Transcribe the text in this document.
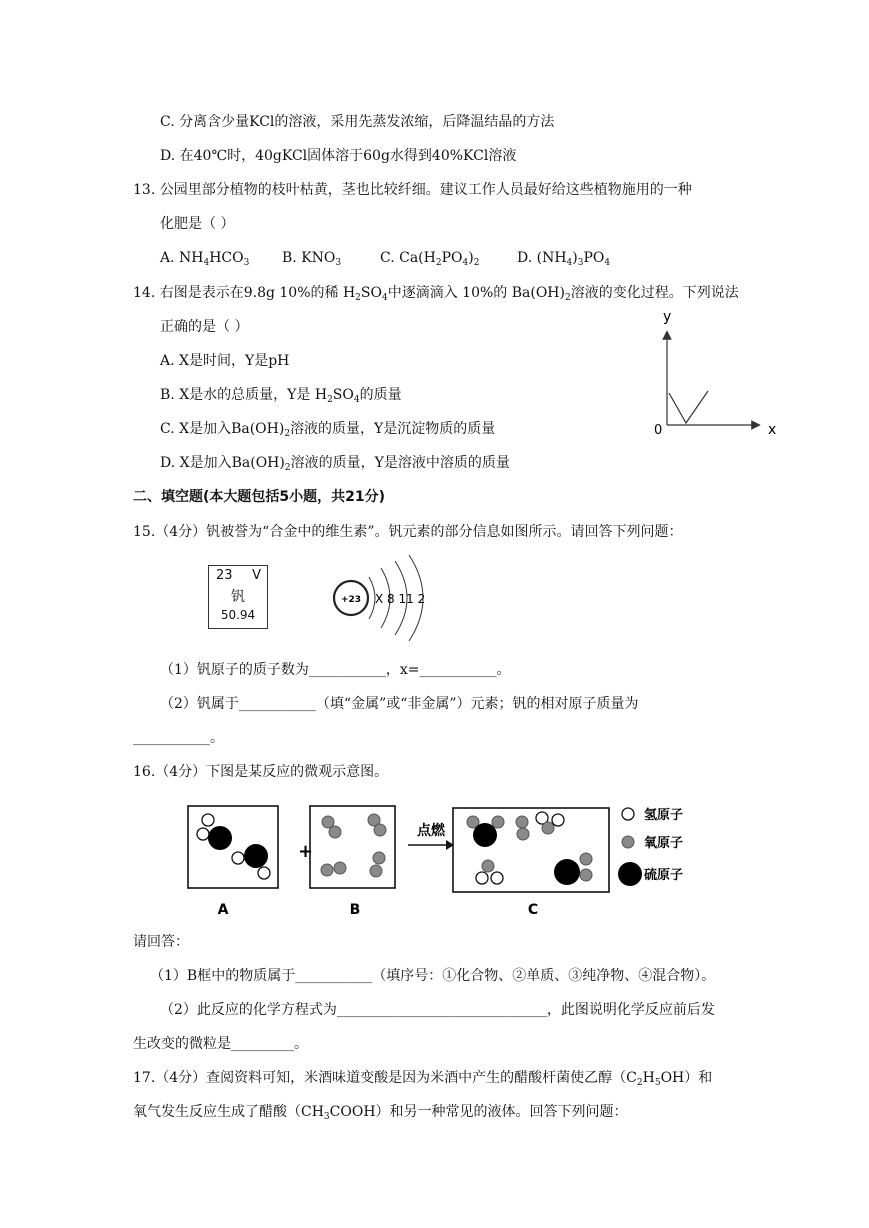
C. 分离含少量KCl的溶液，采用先蒸发浓缩，后降温结晶的方法
D. 在40℃时，40gKCl固体溶于60g水得到40%KCl溶液
13. 公园里部分植物的枝叶枯黄，茎也比较纤细。建议工作人员最好给这些植物施用的一种
化肥是（ ）
A. $NH_4HCO_3$ B. $KNO_3$	C. $Ca(H_2PO_4)_2$	D. $(NH_4)_3PO_4$
14. 右图是表示在9.8g 10%的稀 $H_2SO_4$中逐滴滴入 10%的 $Ba(OH)_2$溶液的变化过程。下列说法
正确的是（ ）
A. X是时间，Y是pH
B. X是水的总质量，Y是 $H_2SO_4$的质量
C. X是加入$Ba(OH)_2$溶液的质量，Y是沉淀物质的质量
D. X是加入$Ba(OH)_2$溶液的质量，Y是溶液中溶质的质量
y
0	x
二、填空题(本大题包括5小题，共21分)
15.（4分）钒被誉为“合金中的维生素”。钒元素的部分信息如图所示。请回答下列问题：
23 V
钒
50.94
+23 X 8 11 2
（1）钒原子的质子数为___________，x=___________。
（2）钒属于___________（填“金属”或“非金属”）元素；钒的相对原子质量为
___________。
16.（4分）下图是某反应的微观示意图。
+
点燃
A	B	C
氢原子
氧原子
硫原子
请回答：
（1）B框中的物质属于___________（填序号：①化合物、②单质、③纯净物、④混合物）。
（2）此反应的化学方程式为______________________________，此图说明化学反应前后发
生改变的微粒是_________。
17.（4分）查阅资料可知，米酒味道变酸是因为米酒中产生的醋酸杆菌使乙醇$(C_2H_5OH)$和
氧气发生反应生成了醋酸$(CH_3COOH)$和另一种常见的液体。回答下列问题：
